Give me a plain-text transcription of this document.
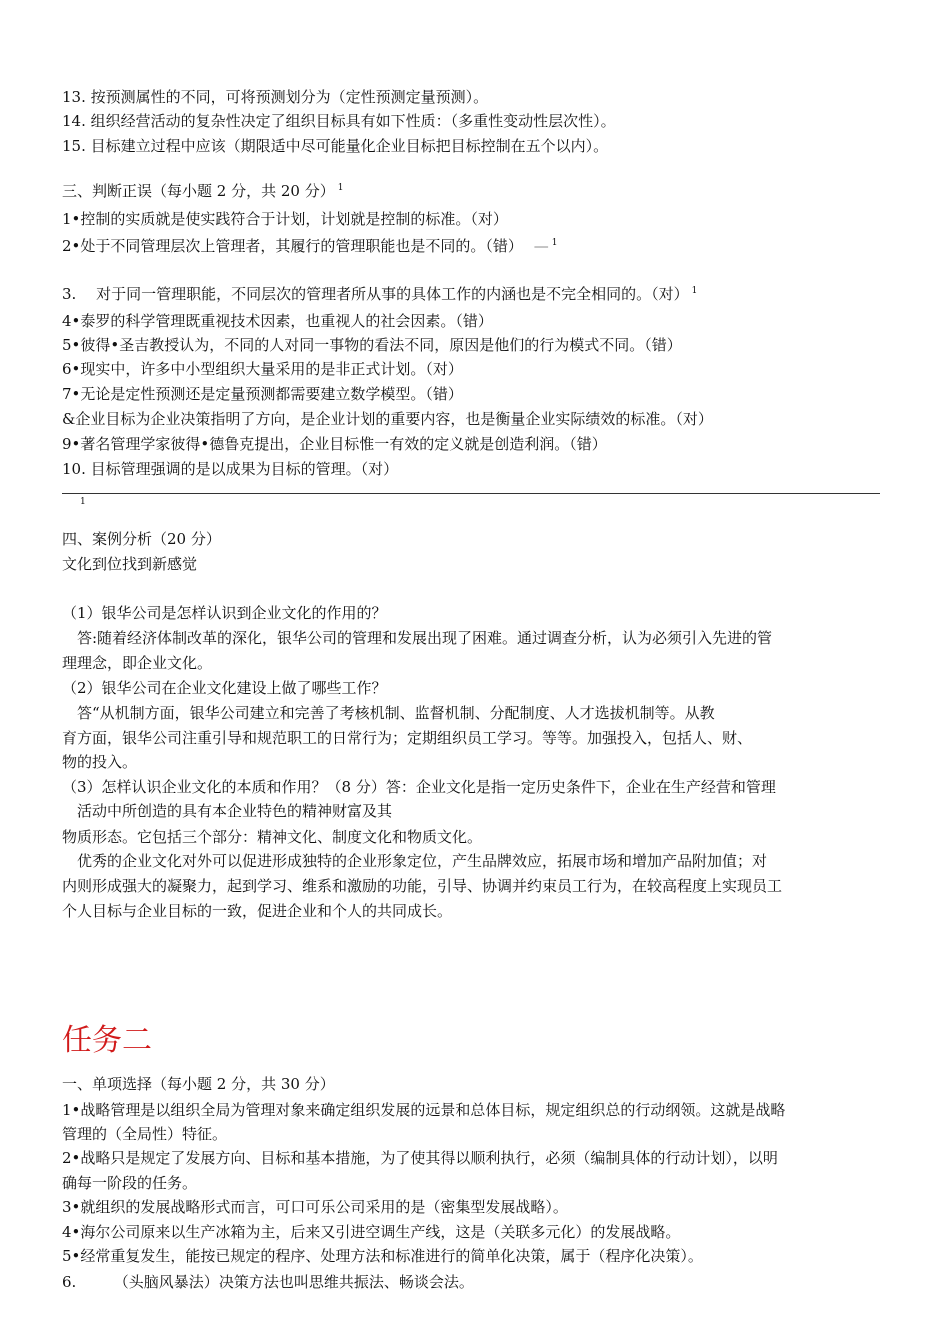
13. 按预测属性的不同，可将预测划分为（定性预测定量预测）。
14. 组织经营活动的复杂性决定了组织目标具有如下性质：（多重性变动性层次性）。
15. 目标建立过程中应该（期限适中尽可能量化企业目标把目标控制在五个以内）。
三、判断正误（每小题 2 分，共 20 分） $^1$
1•控制的实质就是使实践符合于计划，计划就是控制的标准。（对）
2•处于不同管理层次上管理者，其履行的管理职能也是不同的。（错） — $^1$
3.　 对于同一管理职能，不同层次的管理者所从事的具体工作的内涵也是不完全相同的。（对） $^1$
4•泰罗的科学管理既重视技术因素，也重视人的社会因素。（错）
5•彼得•圣吉教授认为，不同的人对同一事物的看法不同，原因是他们的行为模式不同。（错）
6•现实中，许多中小型组织大量采用的是非正式计划。（对）
7•无论是定性预测还是定量预测都需要建立数学模型。（错）
&企业目标为企业决策指明了方向，是企业计划的重要内容，也是衡量企业实际绩效的标准。（对）
9•著名管理学家彼得•德鲁克提出，企业目标惟一有效的定义就是创造利润。（错）
10. 目标管理强调的是以成果为目标的管理。（对）
1
四、案例分析（20 分）
文化到位找到新感觉
（1）银华公司是怎样认识到企业文化的作用的？
　答:随着经济体制改革的深化，银华公司的管理和发展出现了困难。通过调查分析，认为必须引入先进的管
理理念，即企业文化。
（2）银华公司在企业文化建设上做了哪些工作？
　答“从机制方面，银华公司建立和完善了考核机制、监督机制、分配制度、人才选拔机制等。从教
育方面，银华公司注重引导和规范职工的日常行为；定期组织员工学习。等等。加强投入，包括人、财、
物的投入。
（3）怎样认识企业文化的本质和作用？（8 分）答：企业文化是指一定历史条件下，企业在生产经营和管理
　活动中所创造的具有本企业特色的精神财富及其
物质形态。它包括三个部分：精神文化、制度文化和物质文化。
　优秀的企业文化对外可以促进形成独特的企业形象定位，产生品牌效应，拓展市场和增加产品附加值；对
内则形成强大的凝聚力，起到学习、维系和激励的功能，引导、协调并约束员工行为，在较高程度上实现员工
个人目标与企业目标的一致，促进企业和个人的共同成长。
任务二
一、单项选择（每小题 2 分，共 30 分）
1•战略管理是以组织全局为管理对象来确定组织发展的远景和总体目标，规定组织总的行动纲领。这就是战略
管理的（全局性）特征。
2•战略只是规定了发展方向、目标和基本措施，为了使其得以顺利执行，必须（编制具体的行动计划），以明
确每一阶段的任务。
3•就组织的发展战略形式而言，可口可乐公司采用的是（密集型发展战略）。
4•海尔公司原来以生产冰箱为主，后来又引进空调生产线，这是（关联多元化）的发展战略。
5•经常重复发生，能按已规定的程序、处理方法和标准进行的简单化决策，属于（程序化决策）。
6.　　　（头脑风暴法）决策方法也叫思维共振法、畅谈会法。
